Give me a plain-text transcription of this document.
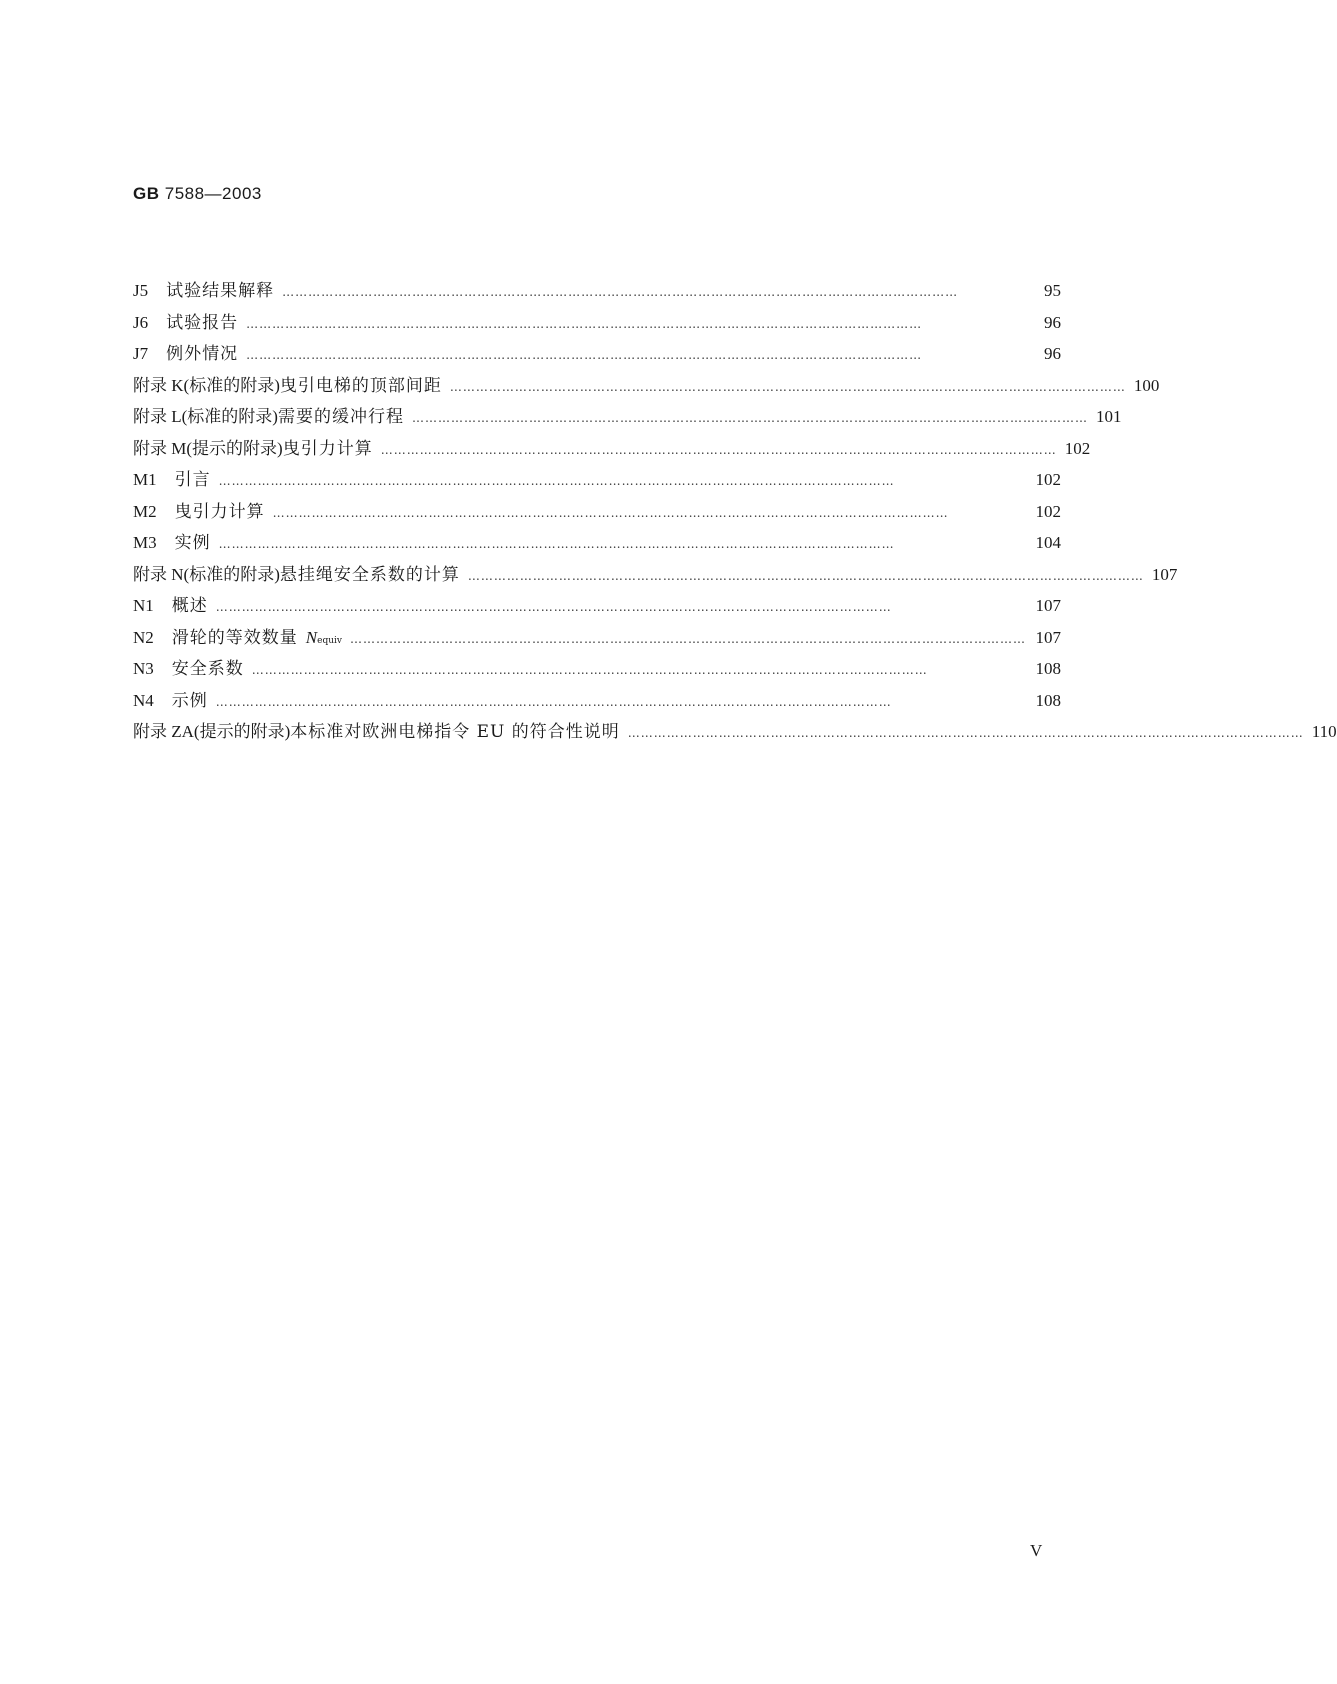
GB 7588—2003
J5 试验结果解释 …………………………………………………………………………………………………………………………………………	95
J6 试验报告 …………………………………………………………………………………………………………………………………………	96
J7 例外情况 …………………………………………………………………………………………………………………………………………	96
附录 K(标准的附录) 曳引电梯的顶部间距 ………………………………………………………………………………………………………………………………………… 100
附录 L(标准的附录) 需要的缓冲行程 ………………………………………………………………………………………………………………………………………… 101
附录 M(提示的附录) 曳引力计算 ………………………………………………………………………………………………………………………………………… 102
M1 引言 …………………………………………………………………………………………………………………………………………	102
M2 曳引力计算 …………………………………………………………………………………………………………………………………………	102
M3 实例 …………………………………………………………………………………………………………………………………………	104
附录 N(标准的附录) 悬挂绳安全系数的计算 ………………………………………………………………………………………………………………………………………… 107
N1 概述 …………………………………………………………………………………………………………………………………………	107
N2 滑轮的等效数量 N equiv ………………………………………………………………………………………………………………………………………… 107
N3 安全系数 …………………………………………………………………………………………………………………………………………	108
N4 示例 …………………………………………………………………………………………………………………………………………	108
附录 ZA(提示的附录) 本标准对欧洲电梯指令 EU 的符合性说明 ………………………………………………………………………………………………………………………………………… 110
V
